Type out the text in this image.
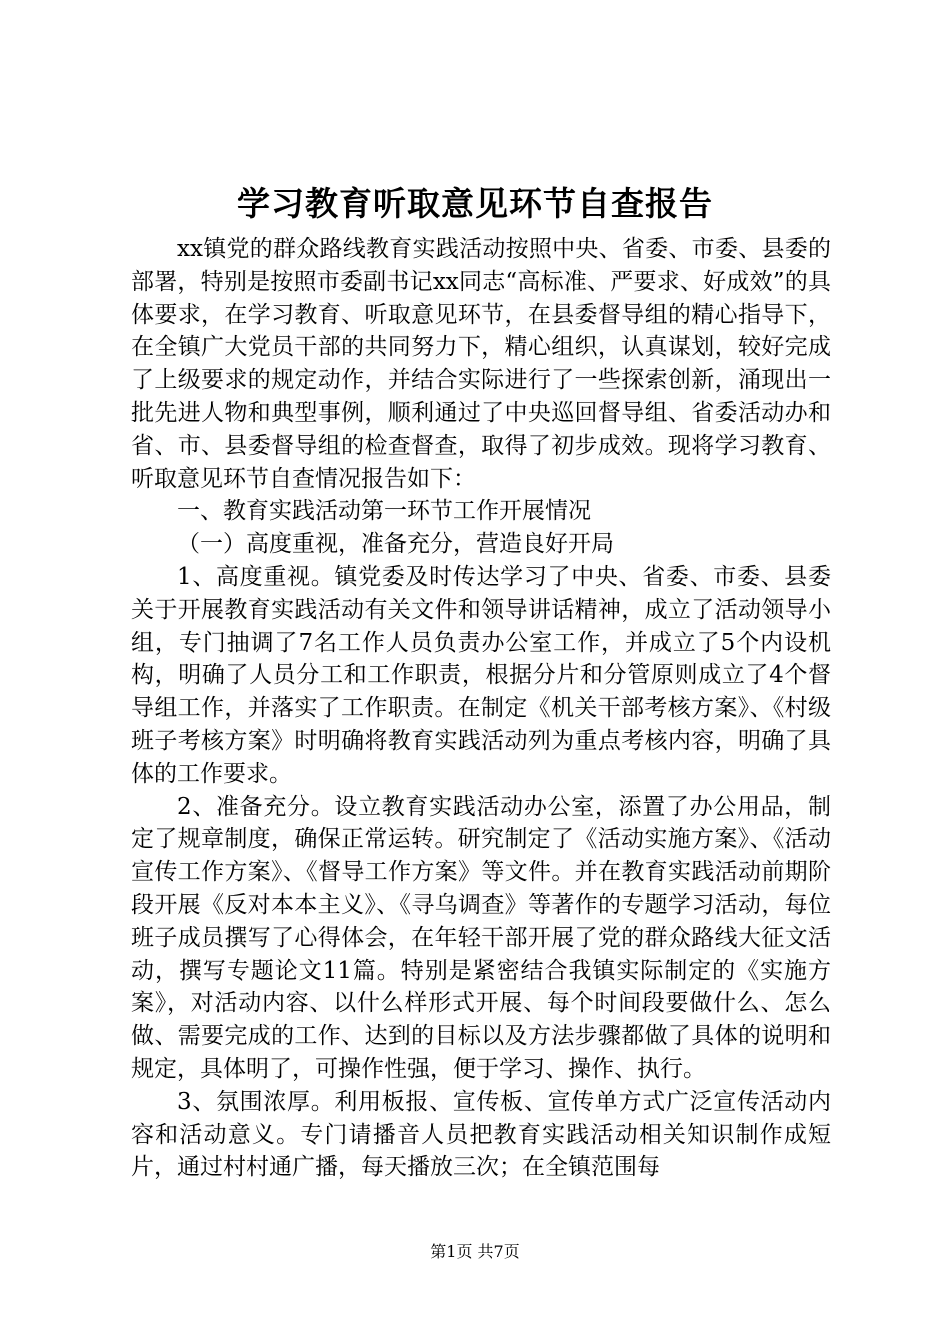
学习教育听取意见环节自查报告

xx镇党的群众路线教育实践活动按照中央、省委、市委、县委的部署，特别是按照市委副书记xx同志“高标准、严要求、好成效”的具体要求，在学习教育、听取意见环节，在县委督导组的精心指导下，在全镇广大党员干部的共同努力下，精心组织，认真谋划，较好完成了上级要求的规定动作，并结合实际进行了一些探索创新，涌现出一批先进人物和典型事例，顺利通过了中央巡回督导组、省委活动办和省、市、县委督导组的检查督查，取得了初步成效。现将学习教育、听取意见环节自查情况报告如下：

一、教育实践活动第一环节工作开展情况

（一）高度重视，准备充分，营造良好开局

1、高度重视。镇党委及时传达学习了中央、省委、市委、县委关于开展教育实践活动有关文件和领导讲话精神，成立了活动领导小组，专门抽调了7名工作人员负责办公室工作，并成立了5个内设机构，明确了人员分工和工作职责，根据分片和分管原则成立了4个督导组工作，并落实了工作职责。在制定《机关干部考核方案》、《村级班子考核方案》时明确将教育实践活动列为重点考核内容，明确了具体的工作要求。

2、准备充分。设立教育实践活动办公室，添置了办公用品，制定了规章制度，确保正常运转。研究制定了《活动实施方案》、《活动宣传工作方案》、《督导工作方案》等文件。并在教育实践活动前期阶段开展《反对本本主义》、《寻乌调查》等著作的专题学习活动，每位班子成员撰写了心得体会，在年轻干部开展了党的群众路线大征文活动，撰写专题论文11篇。特别是紧密结合我镇实际制定的《实施方案》，对活动内容、以什么样形式开展、每个时间段要做什么、怎么做、需要完成的工作、达到的目标以及方法步骤都做了具体的说明和规定，具体明了，可操作性强，便于学习、操作、执行。

3、氛围浓厚。利用板报、宣传板、宣传单方式广泛宣传活动内容和活动意义。专门请播音人员把教育实践活动相关知识制作成短片，通过村村通广播，每天播放三次；在全镇范围每

第1页 共7页
